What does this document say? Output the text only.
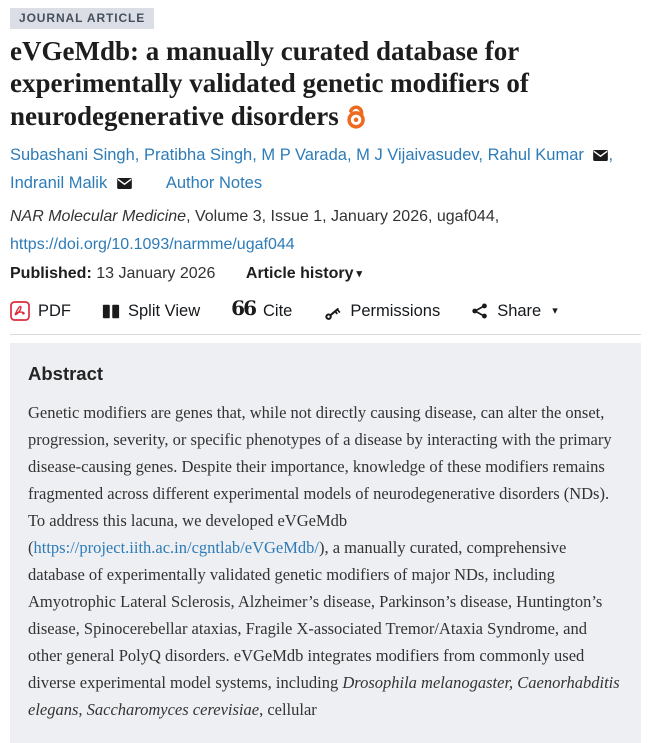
JOURNAL ARTICLE
eVGeMdb: a manually curated database for experimentally validated genetic modifiers of neurodegenerative disorders
Subashani Singh, Pratibha Singh, M P Varada, M J Vijaivasudev, Rahul Kumar , Indranil Malik	Author Notes
NAR Molecular Medicine, Volume 3, Issue 1, January 2026, ugaf044,
https://doi.org/10.1093/narmme/ugaf044
Published: 13 January 2026 Article history ▾
PDF	Split View 66 Cite	Permissions	Share ▾
Abstract

Genetic modifiers are genes that, while not directly causing disease, can alter the onset, progression, severity, or specific phenotypes of a disease by interacting with the primary disease-causing genes. Despite their importance, knowledge of these modifiers remains fragmented across different experimental models of neurodegenerative disorders (NDs). To address this lacuna, we developed eVGeMdb (https://project.iith.ac.in/cgntlab/eVGeMdb/), a manually curated, comprehensive database of experimentally validated genetic modifiers of major NDs, including Amyotrophic Lateral Sclerosis, Alzheimer’s disease, Parkinson’s disease, Huntington’s disease, Spinocerebellar ataxias, Fragile X-associated Tremor/Ataxia Syndrome, and other general PolyQ disorders. eVGeMdb integrates modifiers from commonly used diverse experimental model systems, including Drosophila melanogaster, Caenorhabditis elegans, Saccharomyces cerevisiae, cellular
